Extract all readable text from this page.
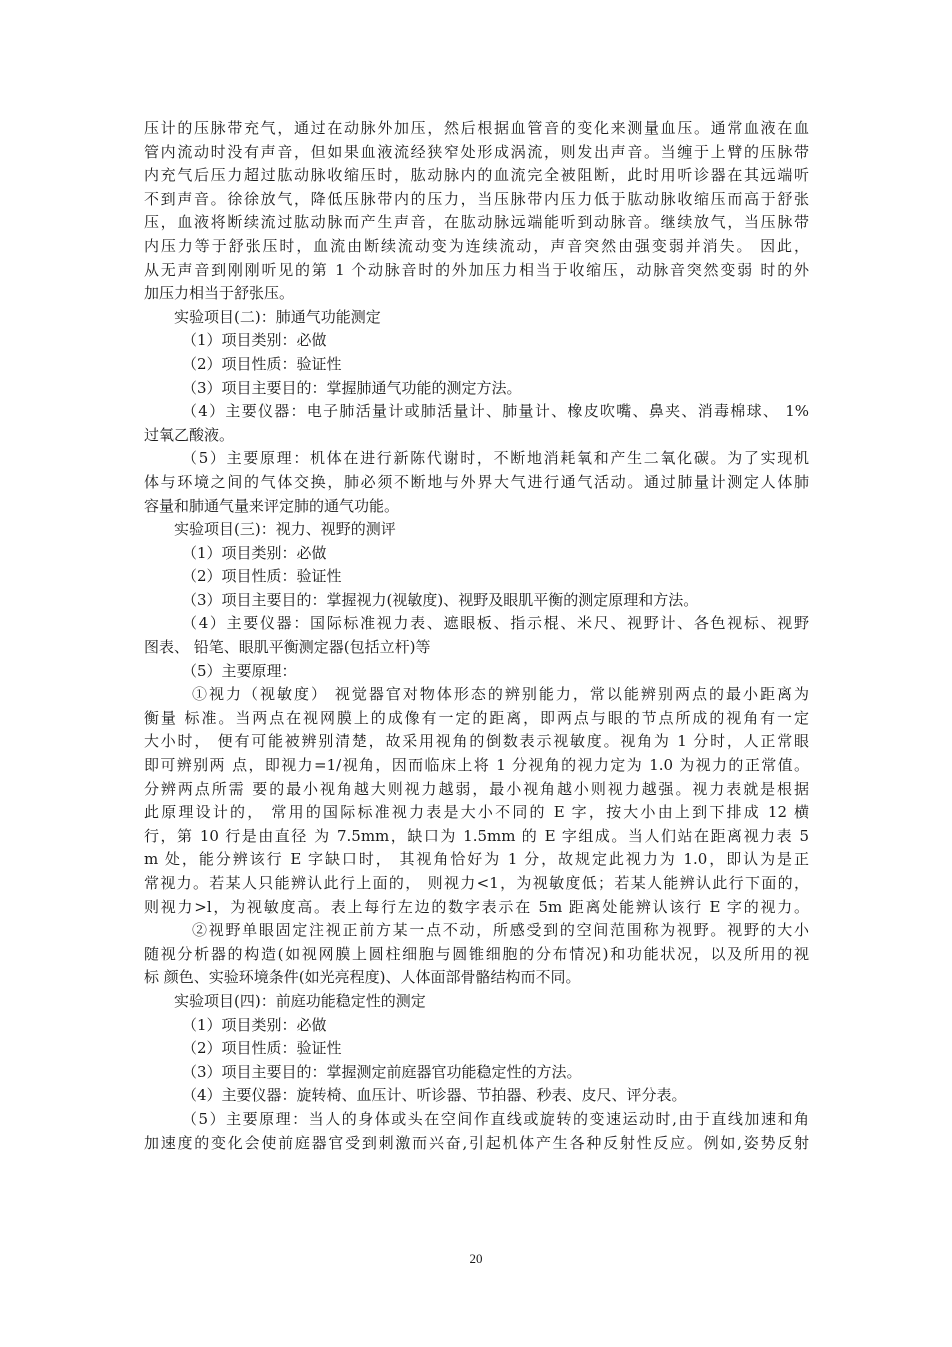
压计的压脉带充气，通过在动脉外加压，然后根据血管音的变化来测量血压。通常血液在血
管内流动时没有声音，但如果血液流经狭窄处形成涡流，则发出声音。当缠于上臂的压脉带
内充气后压力超过肱动脉收缩压时，肱动脉内的血流完全被阻断，此时用听诊器在其远端听
不到声音。徐徐放气，降低压脉带内的压力，当压脉带内压力低于肱动脉收缩压而高于舒张
压，血液将断续流过肱动脉而产生声音，在肱动脉远端能听到动脉音。继续放气，当压脉带
内压力等于舒张压时，血流由断续流动变为连续流动，声音突然由强变弱并消失。 因此，
从无声音到刚刚听见的第 1 个动脉音时的外加压力相当于收缩压，动脉音突然变弱 时的外
加压力相当于舒张压。
实验项目(二)：肺通气功能测定
（1）项目类别：必做
（2）项目性质：验证性
（3）项目主要目的：掌握肺通气功能的测定方法。
（4）主要仪器：电子肺活量计或肺活量计、肺量计、橡皮吹嘴、鼻夹、消毒棉球、 1%
过氧乙酸液。
（5）主要原理：机体在进行新陈代谢时，不断地消耗氧和产生二氧化碳。为了实现机
体与环境之间的气体交换，肺必须不断地与外界大气进行通气活动。通过肺量计测定人体肺
容量和肺通气量来评定肺的通气功能。
实验项目(三)：视力、视野的测评
（1）项目类别：必做
（2）项目性质：验证性
（3）项目主要目的：掌握视力(视敏度)、视野及眼肌平衡的测定原理和方法。
（4）主要仪器：国际标准视力表、遮眼板、指示棍、米尺、视野计、各色视标、视野
图表、 铅笔、眼肌平衡测定器(包括立杆)等
（5）主要原理：
①视力（视敏度） 视觉器官对物体形态的辨别能力，常以能辨别两点的最小距离为
衡量 标准。当两点在视网膜上的成像有一定的距离，即两点与眼的节点所成的视角有一定
大小时， 便有可能被辨别清楚，故采用视角的倒数表示视敏度。视角为 1 分时，人正常眼
即可辨别两 点，即视力=1/视角，因而临床上将 1 分视角的视力定为 1.0 为视力的正常值。
分辨两点所需 要的最小视角越大则视力越弱，最小视角越小则视力越强。视力表就是根据
此原理设计的， 常用的国际标准视力表是大小不同的 E 字，按大小由上到下排成 12 横
行，第 10 行是由直径 为 7.5mm，缺口为 1.5mm 的 E 字组成。当人们站在距离视力表 5
m 处，能分辨该行 E 字缺口时， 其视角恰好为 1 分，故规定此视力为 1.0，即认为是正
常视力。若某人只能辨认此行上面的， 则视力<1，为视敏度低；若某人能辨认此行下面的，
则视力>l，为视敏度高。表上每行左边的数字表示在 5m 距离处能辨认该行 E 字的视力。
②视野单眼固定注视正前方某一点不动，所感受到的空间范围称为视野。视野的大小
随视分析器的构造(如视网膜上圆柱细胞与圆锥细胞的分布情况)和功能状况，以及所用的视
标 颜色、实验环境条件(如光亮程度)、人体面部骨骼结构而不同。
实验项目(四)：前庭功能稳定性的测定
（1）项目类别：必做
（2）项目性质：验证性
（3）项目主要目的：掌握测定前庭器官功能稳定性的方法。
（4）主要仪器：旋转椅、血压计、听诊器、节拍器、秒表、皮尺、评分表。
（5）主要原理：当人的身体或头在空间作直线或旋转的变速运动时,由于直线加速和角
加速度的变化会使前庭器官受到刺激而兴奋,引起机体产生各种反射性反应。例如,姿势反射
20
